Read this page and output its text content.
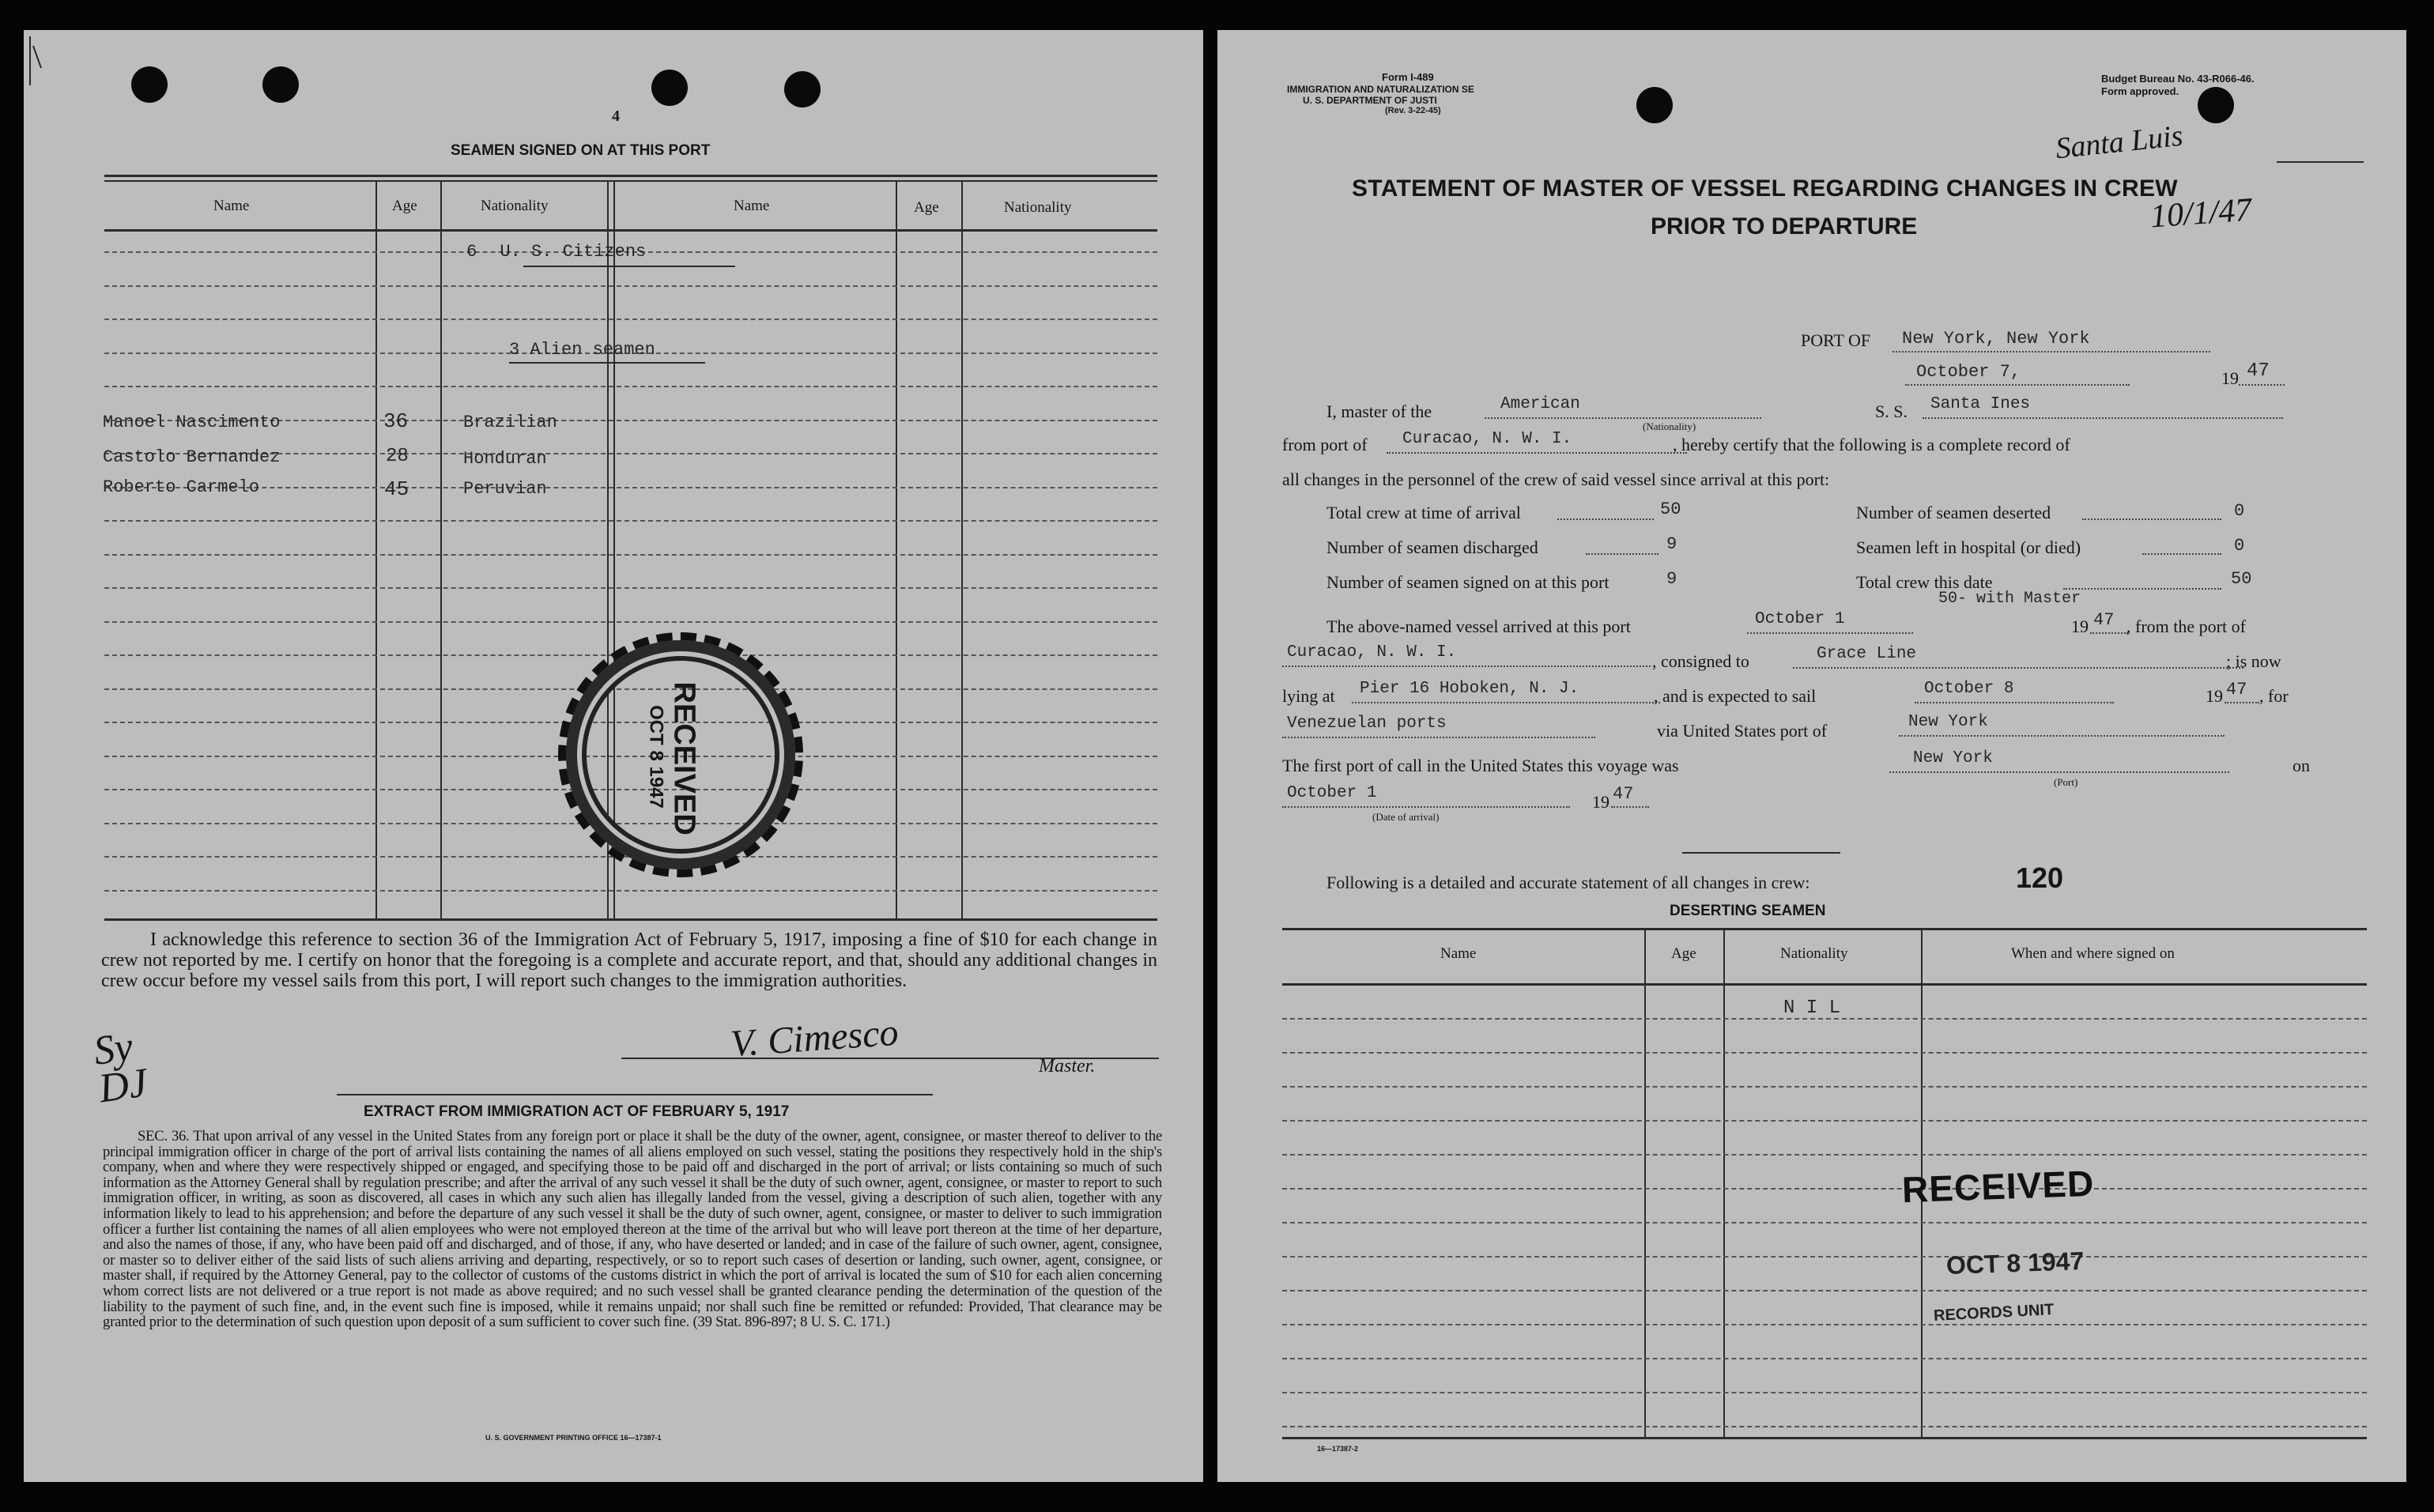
4
SEAMEN SIGNED ON AT THIS PORT
Name	Age	Nationality	Name	Age	Nationality
6 U. S. Citizens
3 Alien seamen
Manoel Nascimento	36	Brazilian
Castolo Bernandez	28	Honduran
Roberto Carmelo	45	Peruvian
RECEIVED
OCT 8 1947
I acknowledge this reference to section 36 of the Immigration Act of February 5, 1917, imposing a fine of $10 for each change in crew not reported by me. I certify on honor that the foregoing is a complete and accurate report, and that, should any additional changes in crew occur before my vessel sails from this port, I will report such changes to the immigration authorities.
V. Cimesco
Master.
Sy DJ
EXTRACT FROM IMMIGRATION ACT OF FEBRUARY 5, 1917
SEC. 36. That upon arrival of any vessel in the United States from any foreign port or place it shall be the duty of the owner, agent, consignee, or master thereof to deliver to the principal immigration officer in charge of the port of arrival lists containing the names of all aliens employed on such vessel, stating the positions they respectively hold in the ship's company, when and where they were respectively shipped or engaged, and specifying those to be paid off and discharged in the port of arrival; or lists containing so much of such information as the Attorney General shall by regulation prescribe; and after the arrival of any such vessel it shall be the duty of such owner, agent, consignee, or master to report to such immigration officer, in writing, as soon as discovered, all cases in which any such alien has illegally landed from the vessel, giving a description of such alien, together with any information likely to lead to his apprehension; and before the departure of any such vessel it shall be the duty of such owner, agent, consignee, or master to deliver to such immigration officer a further list containing the names of all alien employees who were not employed thereon at the time of the arrival but who will leave port thereon at the time of her departure, and also the names of those, if any, who have been paid off and discharged, and of those, if any, who have deserted or landed; and in case of the failure of such owner, agent, consignee, or master so to deliver either of the said lists of such aliens arriving and departing, respectively, or so to report such cases of desertion or landing, such owner, agent, consignee, or master shall, if required by the Attorney General, pay to the collector of customs of the customs district in which the port of arrival is located the sum of $10 for each alien concerning whom correct lists are not delivered or a true report is not made as above required; and no such vessel shall be granted clearance pending the determination of the question of the liability to the payment of such fine, and, in the event such fine is imposed, while it remains unpaid; nor shall such fine be remitted or refunded: Provided, That clearance may be granted prior to the determination of such question upon deposit of a sum sufficient to cover such fine. (39 Stat. 896-897; 8 U. S. C. 171.)
U. S. GOVERNMENT PRINTING OFFICE 16—17387-1
Form I-489
IMMIGRATION AND NATURALIZATION SE
U. S. DEPARTMENT OF JUSTI
(Rev. 3-22-45)
Budget Bureau No. 43-R066-46.
Form approved.
Santa Luis
10/1/47
STATEMENT OF MASTER OF VESSEL REGARDING CHANGES IN CREW
PRIOR TO DEPARTURE
PORT OF	New York, New York
October 7,	19 47
I, master of the	American
(Nationality)
S. S.	Santa Ines
from port of	Curacao, N. W. I.	, hereby certify that the following is a complete record of
all changes in the personnel of the crew of said vessel since arrival at this port:
Total crew at time of arrival	50	Number of seamen deserted	0
Number of seamen discharged	9	Seamen left in hospital (or died)	0
Number of seamen signed on at this port	9	Total crew this date	50
50- with Master
The above-named vessel arrived at this port	October 1	19 47 , from the port of
Curacao, N. W. I.	, consigned to	Grace Line	; is now
lying at	Pier 16 Hoboken, N. J.	, and is expected to sail	October 8	19 47 , for
Venezuelan ports	via United States port of	New York
The first port of call in the United States this voyage was	New York
(Port)
on
October 1	19 47
(Date of arrival)
Following is a detailed and accurate statement of all changes in crew:	120
DESERTING SEAMEN
Name	Age	Nationality	When and where signed on
N I L
RECEIVED
OCT 8 1947
RECORDS UNIT
16—17387-2
